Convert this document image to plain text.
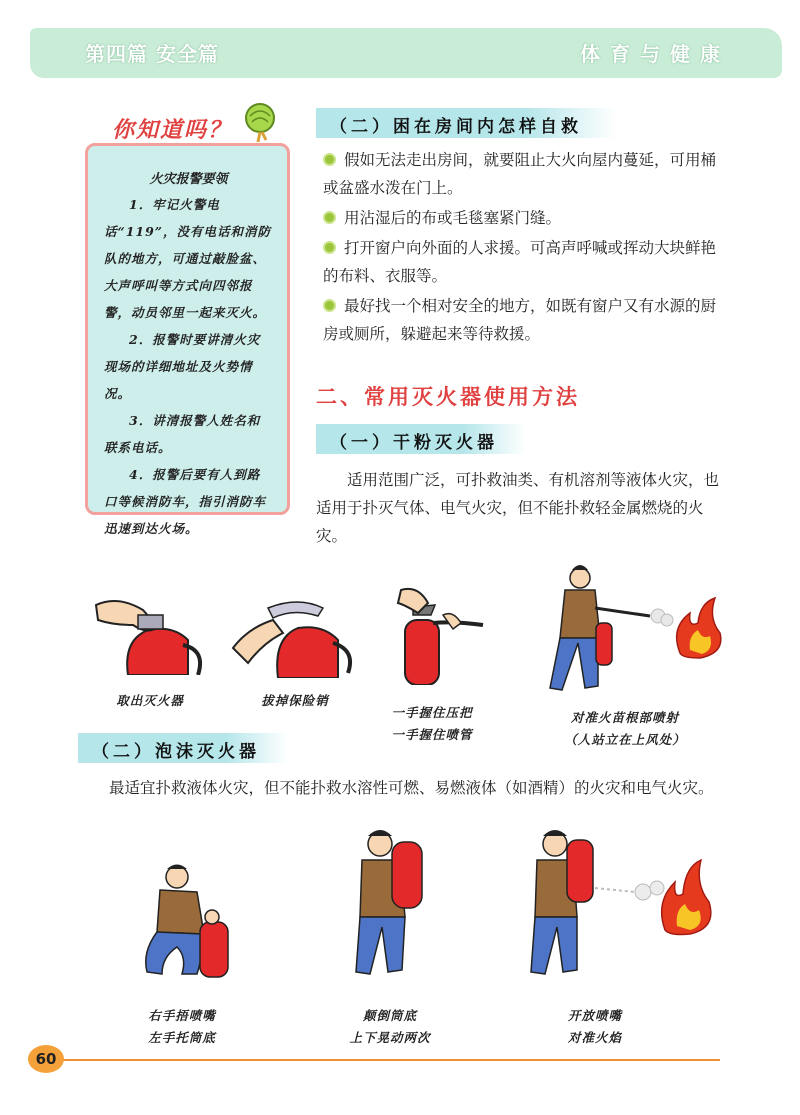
第四篇 安全篇	体育与健康
你知道吗？
火灾报警要领

1．牢记火警电话“119”，没有电话和消防队的地方，可通过敲脸盆、大声呼叫等方式向四邻报警，动员邻里一起来灭火。

2．报警时要讲清火灾现场的详细地址及火势情况。

3．讲清报警人姓名和联系电话。

4．报警后要有人到路口等候消防车，指引消防车迅速到达火场。

（二）困在房间内怎样自救
假如无法走出房间，就要阻止大火向屋内蔓延，可用桶或盆盛水泼在门上。
用沾湿后的布或毛毯塞紧门缝。
打开窗户向外面的人求援。可高声呼喊或挥动大块鲜艳的布料、衣服等。
最好找一个相对安全的地方，如既有窗户又有水源的厨房或厕所，躲避起来等待救援。
二、常用灭火器使用方法
（一）干粉灭火器
适用范围广泛，可扑救油类、有机溶剂等液体火灾，也适用于扑灭气体、电气火灾，但不能扑救轻金属燃烧的火灾。
取出灭火器	拔掉保险销
一手握住压把
一手握住喷管
对准火苗根部喷射
（人站立在上风处）
（二）泡沫灭火器
最适宜扑救液体火灾，但不能扑救水溶性可燃、易燃液体（如酒精）的火灾和电气火灾。
右手捂喷嘴
左手托筒底
颠倒筒底
上下晃动两次
开放喷嘴
对准火焰
60
